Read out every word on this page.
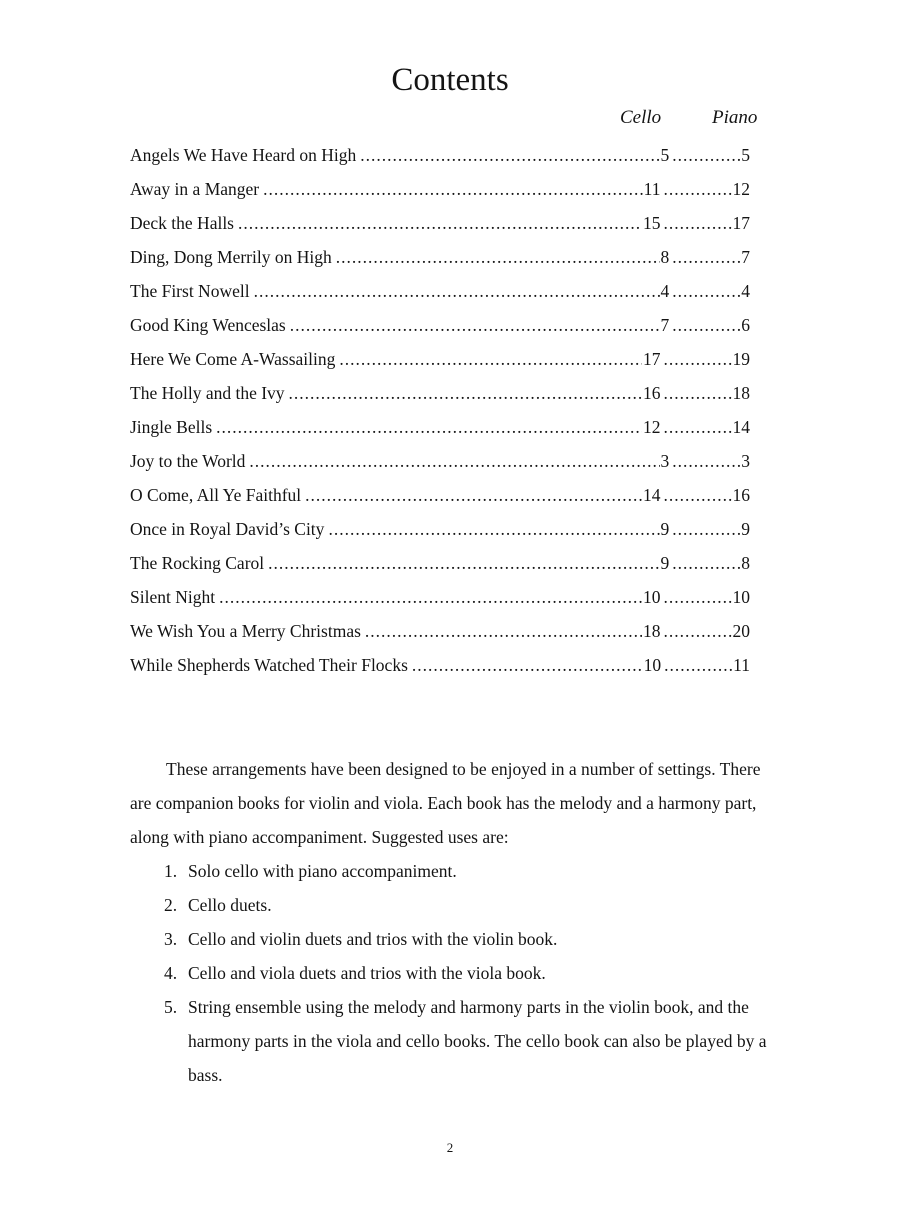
Contents
Cello	Piano
Angels We Have Heard on High .....	5 .....	5
Away in a Manger .....	11 .....	12
Deck the Halls .....	15 .....	17
Ding, Dong Merrily on High .....	8 .....	7
The First Nowell .....	4 .....	4
Good King Wenceslas .....	7 .....	6
Here We Come A-Wassailing .....	17 .....	19
The Holly and the Ivy .....	16 .....	18
Jingle Bells .....	12 .....	14
Joy to the World .....	3 .....	3
O Come, All Ye Faithful .....	14 .....	16
Once in Royal David’s City .....	9 .....	9
The Rocking Carol .....	9 .....	8
Silent Night .....	10 .....	10
We Wish You a Merry Christmas .....	18 .....	20
While Shepherds Watched Their Flocks .....	10 .....	11

These arrangements have been designed to be enjoyed in a number of settings. There are companion books for violin and viola. Each book has the melody and a harmony part, along with piano accompaniment. Suggested uses are:

1. Solo cello with piano accompaniment.
2. Cello duets.
3. Cello and violin duets and trios with the violin book.
4. Cello and viola duets and trios with the viola book.
5. String ensemble using the melody and harmony parts in the violin book, and the harmony parts in the viola and cello books. The cello book can also be played by a bass.
2
